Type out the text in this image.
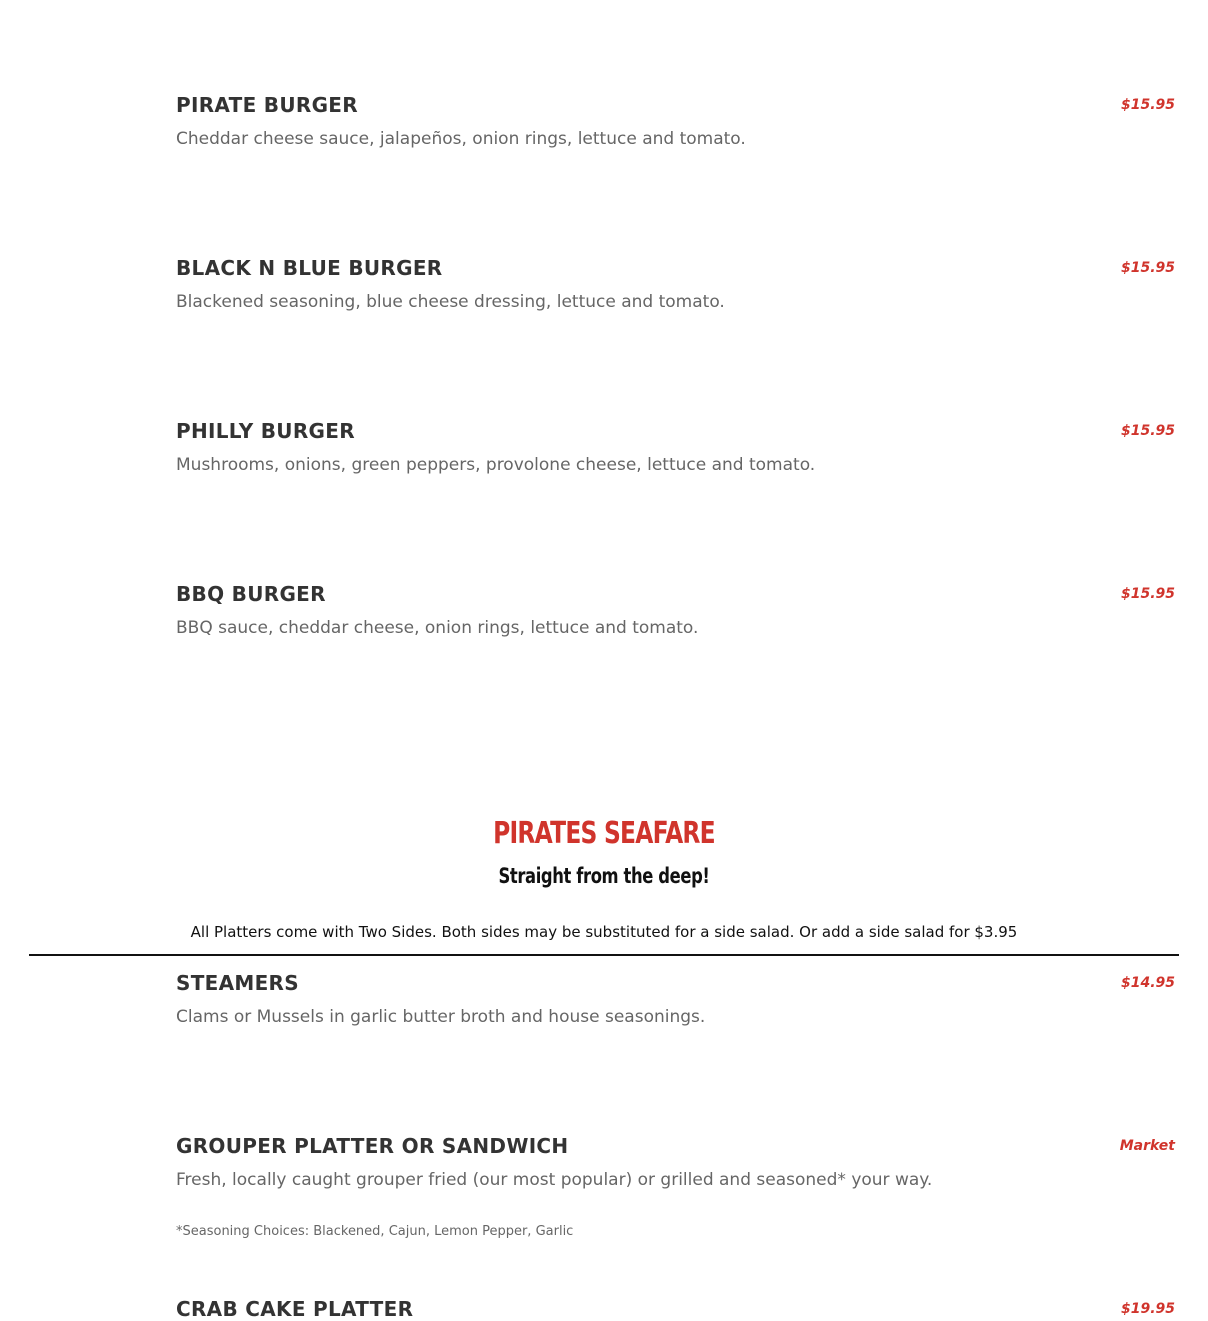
PIRATE BURGER	$15.95
Cheddar cheese sauce, jalapeños, onion rings, lettuce and tomato.
BLACK N BLUE BURGER	$15.95
Blackened seasoning, blue cheese dressing, lettuce and tomato.
PHILLY BURGER	$15.95
Mushrooms, onions, green peppers, provolone cheese, lettuce and tomato.
BBQ BURGER	$15.95
BBQ sauce, cheddar cheese, onion rings, lettuce and tomato.
PIRATES SEAFARE
Straight from the deep!
All Platters come with Two Sides. Both sides may be substituted for a side salad. Or add a side salad for $3.95
STEAMERS	$14.95
Clams or Mussels in garlic butter broth and house seasonings.
GROUPER PLATTER OR SANDWICH	Market
Fresh, locally caught grouper fried (our most popular) or grilled and seasoned* your way.
*Seasoning Choices: Blackened, Cajun, Lemon Pepper, Garlic
CRAB CAKE PLATTER	$19.95
